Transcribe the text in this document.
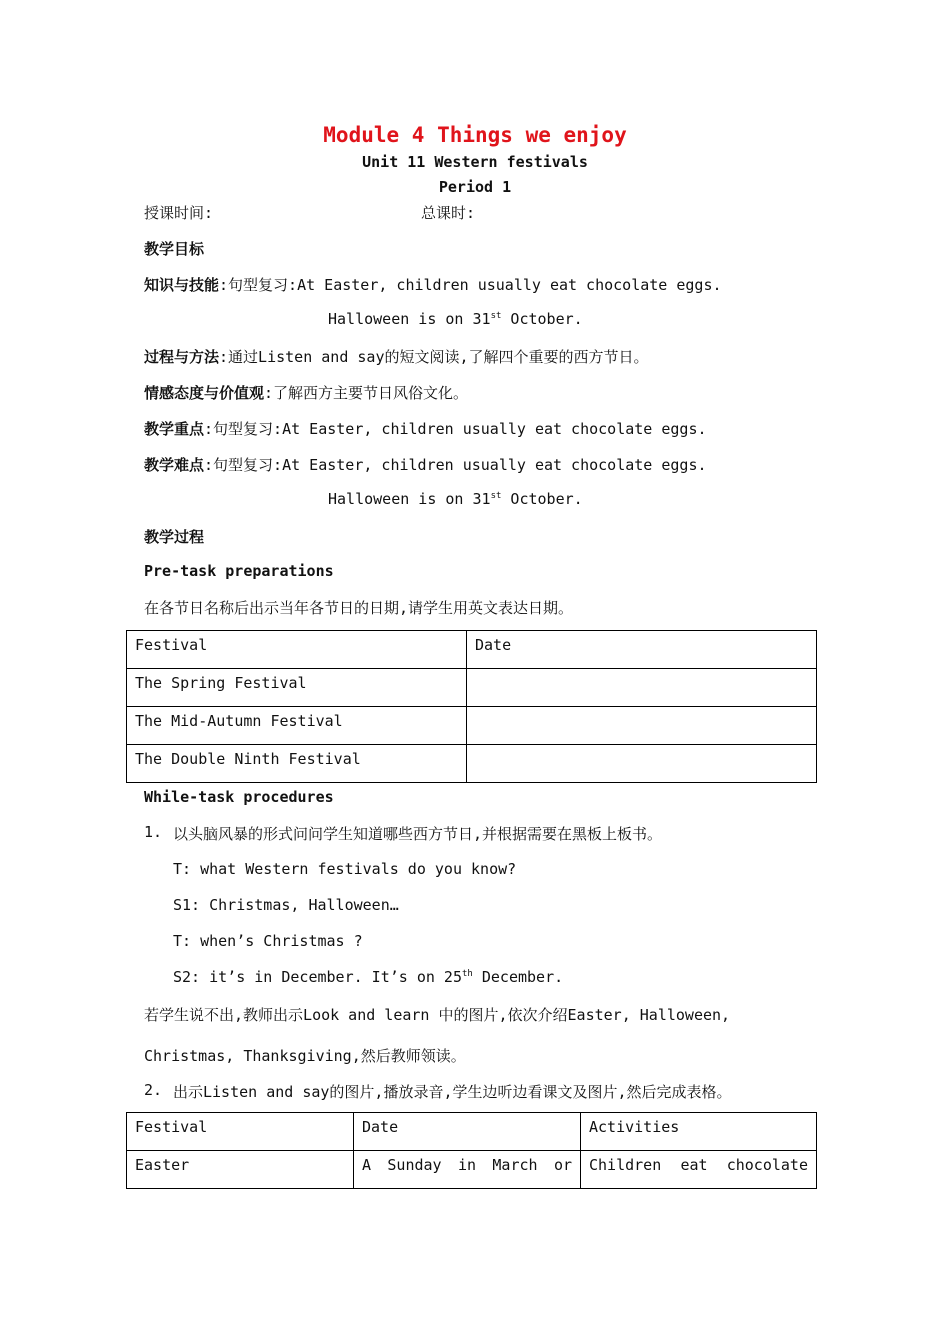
Module 4 Things we enjoy
Unit 11 Western festivals
Period 1
授课时间:	总课时:
教学目标
知识与技能:句型复习:At Easter, children usually eat chocolate eggs.
Halloween is on 31st October.
过程与方法:通过Listen and say的短文阅读,了解四个重要的西方节日。
情感态度与价值观:了解西方主要节日风俗文化。
教学重点:句型复习:At Easter, children usually eat chocolate eggs.
教学难点:句型复习:At Easter, children usually eat chocolate eggs.
Halloween is on 31st October.
教学过程
Pre-task preparations
在各节日名称后出示当年各节日的日期,请学生用英文表达日期。
Festival	Date
The Spring Festival	
The Mid-Autumn Festival	
The Double Ninth Festival	
While-task procedures
1. 以头脑风暴的形式问问学生知道哪些西方节日,并根据需要在黑板上板书。
T: what Western festivals do you know?
S1: Christmas, Halloween…
T: when’s Christmas ?
S2: it’s in December. It’s on 25th December.
若学生说不出,教师出示Look and learn 中的图片,依次介绍Easter, Halloween,
Christmas, Thanksgiving,然后教师领读。
2. 出示Listen and say的图片,播放录音,学生边听边看课文及图片,然后完成表格。
Festival	Date	Activities
Easter	A Sunday in March or	Children eat chocolate
